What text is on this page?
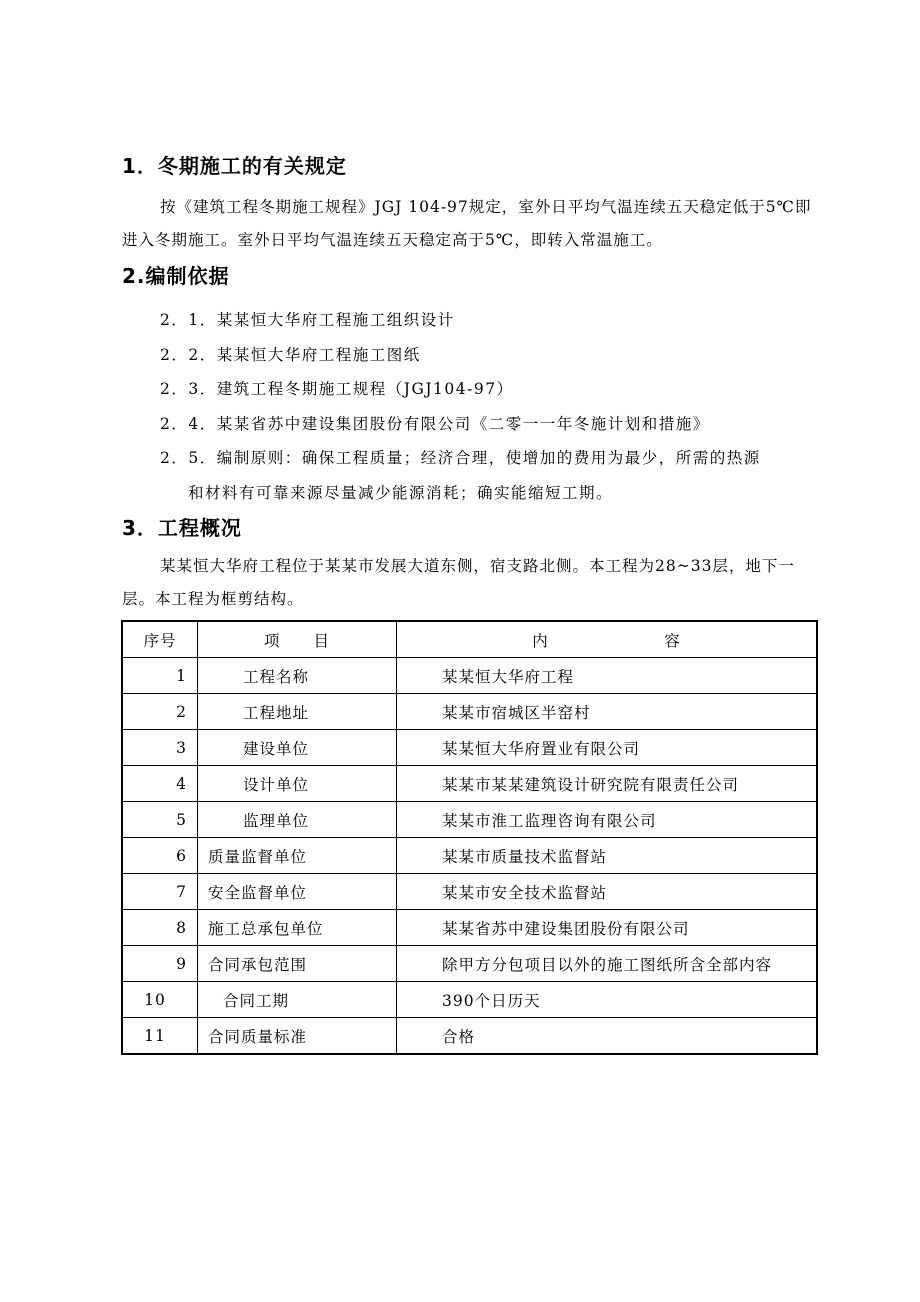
1．冬期施工的有关规定

按《建筑工程冬期施工规程》JGJ 104-97规定，室外日平均气温连续五天稳定低于5℃即进入冬期施工。室外日平均气温连续五天稳定高于5℃，即转入常温施工。

2.编制依据
2．1．某某恒大华府工程施工组织设计
2．2．某某恒大华府工程施工图纸
2．3．建筑工程冬期施工规程（JGJ104-97）
2．4．某某省苏中建设集团股份有限公司《二零一一年冬施计划和措施》
2．5．编制原则：确保工程质量；经济合理，使增加的费用为最少，所需的热源
和材料有可靠来源尽量减少能源消耗；确实能缩短工期。
3．工程概况

某某恒大华府工程位于某某市发展大道东侧，宿支路北侧。本工程为28~33层，地下一层。本工程为框剪结构。

序号	项　　目	内　　　　　　　容
1	工程名称	某某恒大华府工程
2	工程地址	某某市宿城区半窑村
3	建设单位	某某恒大华府置业有限公司
4	设计单位	某某市某某建筑设计研究院有限责任公司
5	监理单位	某某市淮工监理咨询有限公司
6	质量监督单位	某某市质量技术监督站
7	安全监督单位	某某市安全技术监督站
8	施工总承包单位	某某省苏中建设集团股份有限公司
9	合同承包范围	除甲方分包项目以外的施工图纸所含全部内容
10	合同工期	390个日历天
11	合同质量标准	合格
